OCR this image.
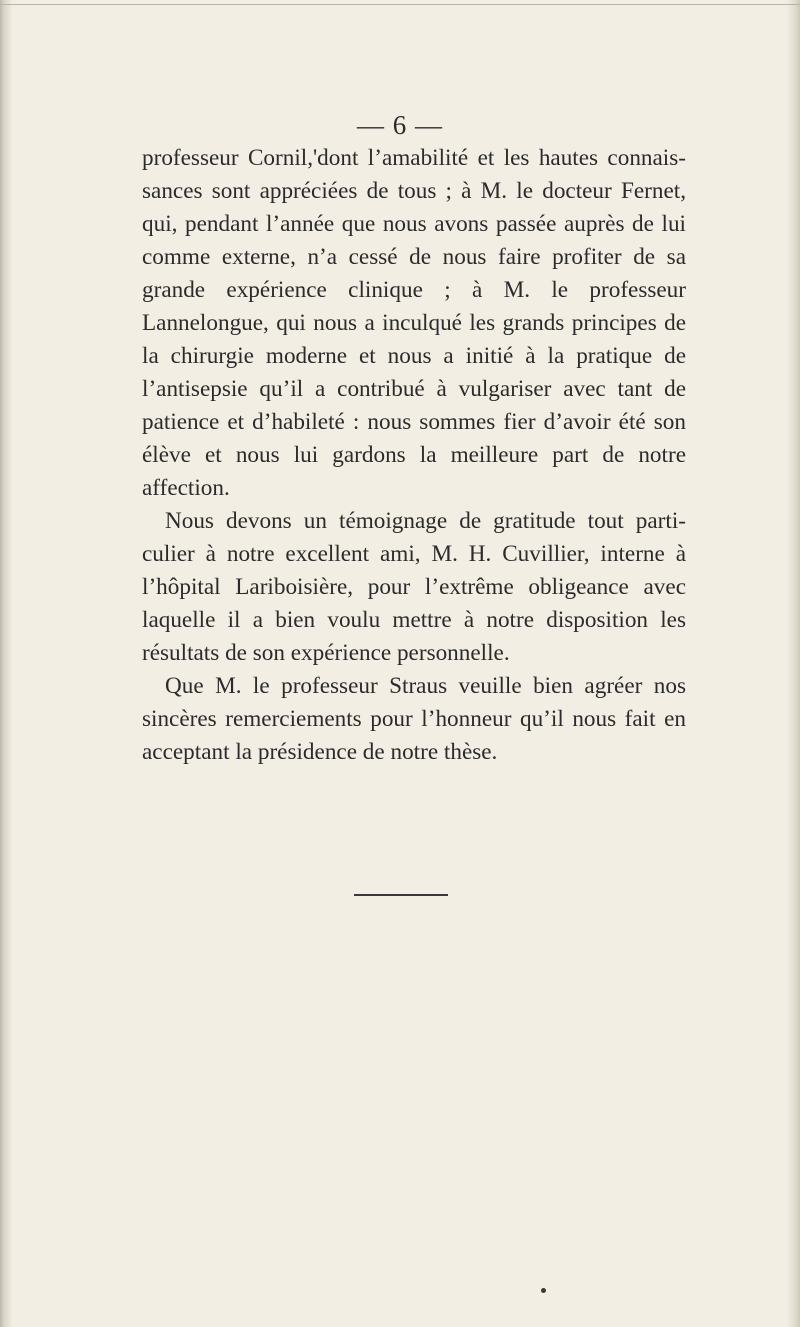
— 6 —

professeur Cornil,'dont l’amabilité et les hautes connaissances sont appréciées de tous ; à M. le docteur Fernet, qui, pendant l’année que nous avons passée auprès de lui comme externe, n’a cessé de nous faire profiter de sa grande expérience clinique ; à M. le professeur Lannelongue, qui nous a inculqué les grands principes de la chirurgie moderne et nous a initié à la pratique de l’antisepsie qu’il a contribué à vulgariser avec tant de patience et d’habileté : nous sommes fier d’avoir été son élève et nous lui gardons la meilleure part de notre affection.

Nous devons un témoignage de gratitude tout particulier à notre excellent ami, M. H. Cuvillier, interne à l’hôpital Lariboisière, pour l’extrême obligeance avec laquelle il a bien voulu mettre à notre disposition les résultats de son expérience personnelle.

Que M. le professeur Straus veuille bien agréer nos sincères remerciements pour l’honneur qu’il nous fait en acceptant la présidence de notre thèse.
